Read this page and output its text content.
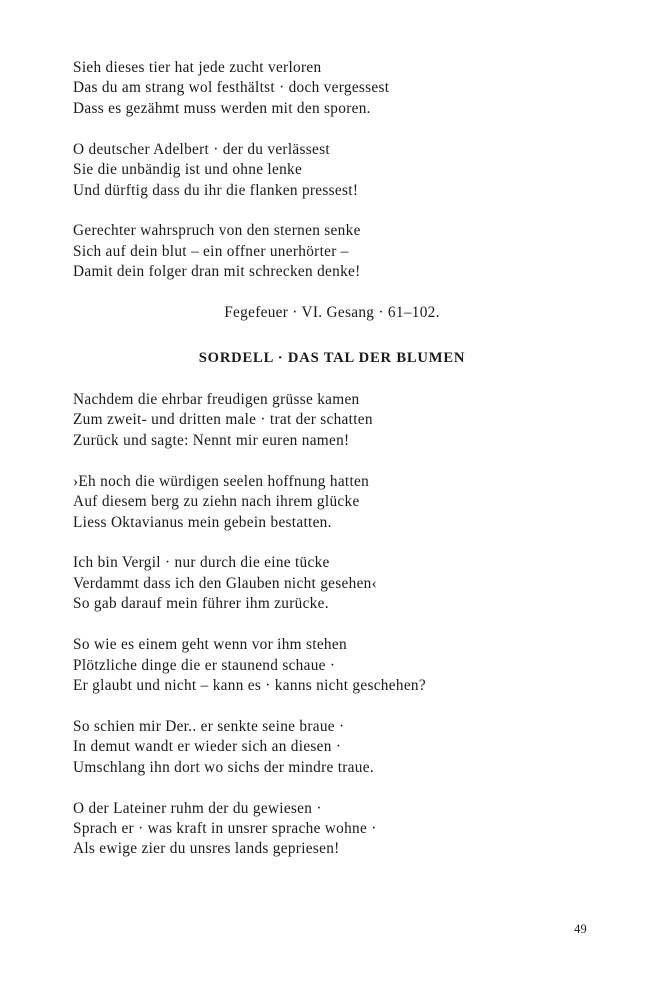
Sieh dieses tier hat jede zucht verloren
Das du am strang wol festhältst · doch vergessest
Dass es gezähmt muss werden mit den sporen.
O deutscher Adelbert · der du verlässest
Sie die unbändig ist und ohne lenke
Und dürftig dass du ihr die flanken pressest!
Gerechter wahrspruch von den sternen senke
Sich auf dein blut – ein offner unerhörter –
Damit dein folger dran mit schrecken denke!
Fegefeuer · VI. Gesang · 61–102.
SORDELL · DAS TAL DER BLUMEN
Nachdem die ehrbar freudigen grüsse kamen
Zum zweit- und dritten male · trat der schatten
Zurück und sagte: Nennt mir euren namen!
›Eh noch die würdigen seelen hoffnung hatten
Auf diesem berg zu ziehn nach ihrem glücke
Liess Oktavianus mein gebein bestatten.
Ich bin Vergil · nur durch die eine tücke
Verdammt dass ich den Glauben nicht gesehen‹
So gab darauf mein führer ihm zurücke.
So wie es einem geht wenn vor ihm stehen
Plötzliche dinge die er staunend schaue ·
Er glaubt und nicht – kann es · kanns nicht geschehen?
So schien mir Der.. er senkte seine braue ·
In demut wandt er wieder sich an diesen ·
Umschlang ihn dort wo sichs der mindre traue.
O der Lateiner ruhm der du gewiesen ·
Sprach er · was kraft in unsrer sprache wohne ·
Als ewige zier du unsres lands gepriesen!
49
